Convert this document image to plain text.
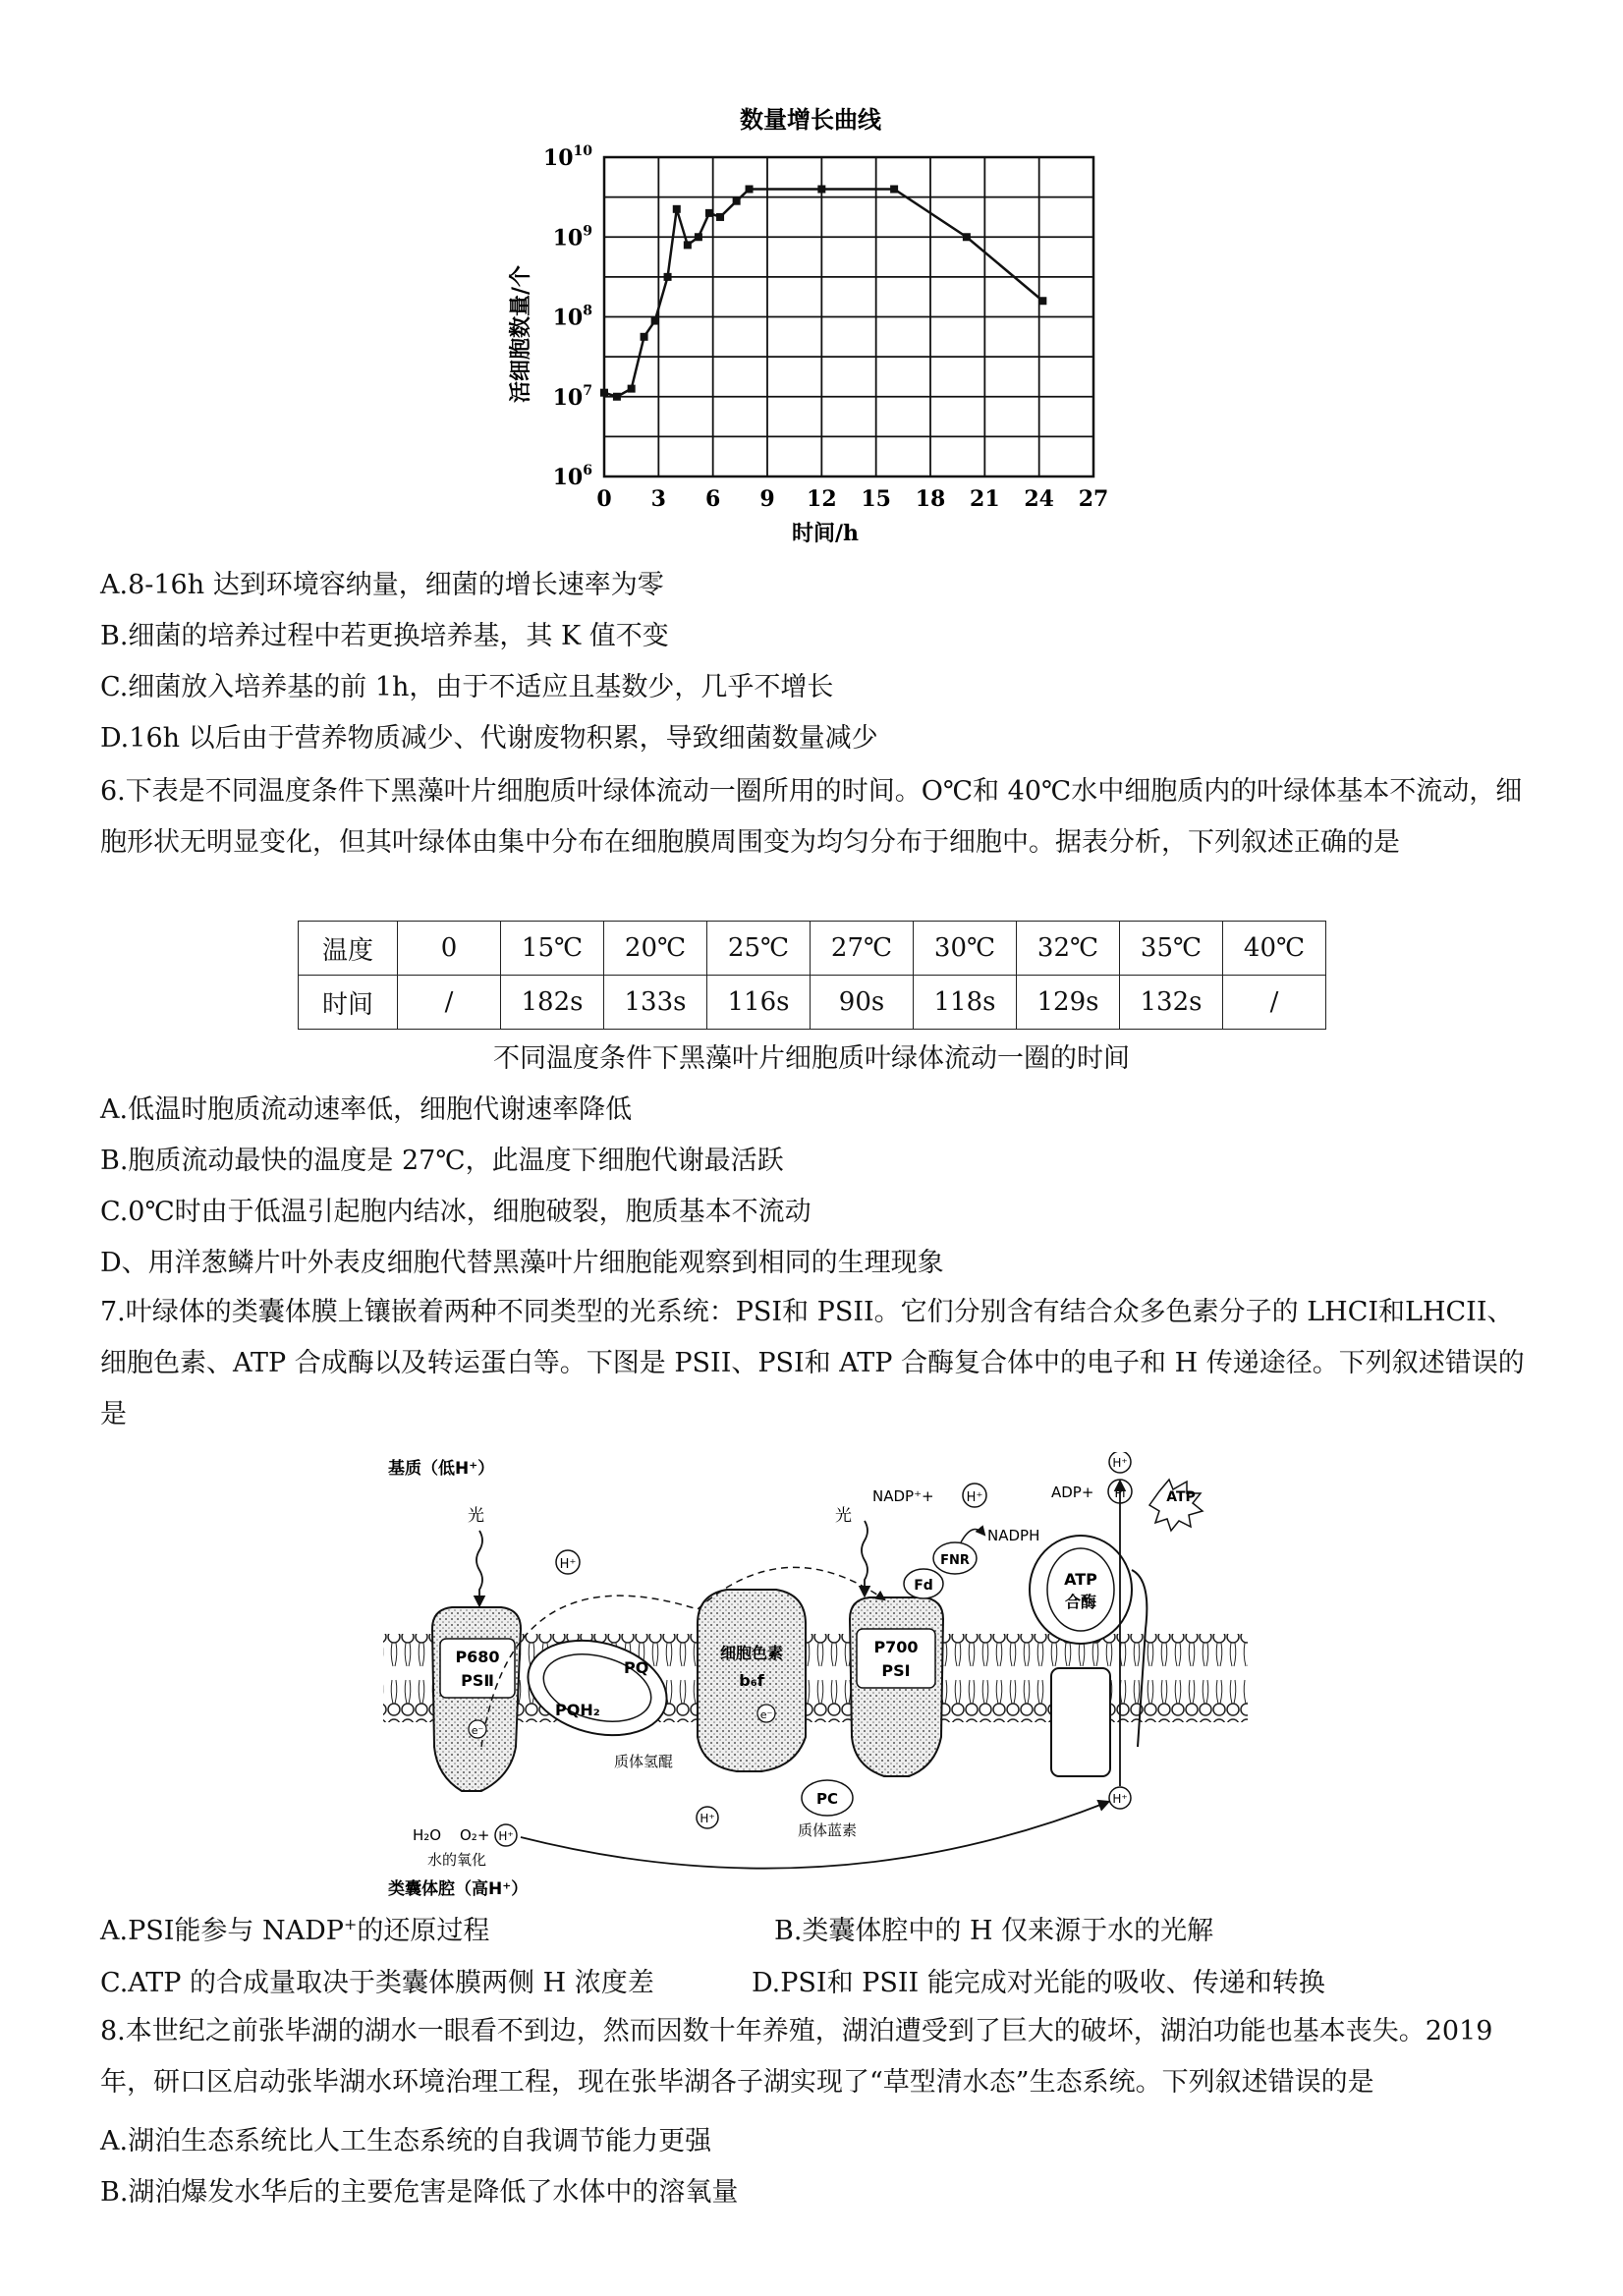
数量增长曲线
0 3 6 9 12 15 18 21 24 27
$10^6$
$10^7$
$10^8$
$10^9$
$10^{10}$
时间/h
活细胞数量/个
A.8-16h 达到环境容纳量，细菌的增长速率为零
B.细菌的培养过程中若更换培养基，其 K 值不变
C.细菌放入培养基的前 1h，由于不适应且基数少，几乎不增长
D.16h 以后由于营养物质减少、代谢废物积累，导致细菌数量减少
6.下表是不同温度条件下黑藻叶片细胞质叶绿体流动一圈所用的时间。O℃和 40℃水中细胞质内的叶绿体基本不流动，细胞形状无明显变化，但其叶绿体由集中分布在细胞膜周围变为均匀分布于细胞中。据表分析，下列叙述正确的是
温度	0	15℃	20℃	25℃	27℃	30℃	32℃	35℃	40℃
时间	/	182s	133s	116s	90s	118s	129s	132s	/
不同温度条件下黑藻叶片细胞质叶绿体流动一圈的时间
A.低温时胞质流动速率低，细胞代谢速率降低
B.胞质流动最快的温度是 27℃，此温度下细胞代谢最活跃
C.0℃时由于低温引起胞内结冰，细胞破裂，胞质基本不流动
D、用洋葱鳞片叶外表皮细胞代替黑藻叶片细胞能观察到相同的生理现象
7.叶绿体的类囊体膜上镶嵌着两种不同类型的光系统：PSⅠ和 PSII。它们分别含有结合众多色素分子的 LHCⅠ和LHCII、细胞色素、ATP 合成酶以及转运蛋白等。下图是 PSII、PSⅠ和 ATP 合酶复合体中的电子和 H 传递途径。下列叙述错误的是
基质（低H⁺）
类囊体腔（高H⁺）
P680
PSⅡ
光
PQ
PQH₂
质体氢醌
H⁺
细胞色素
b₆f
PC
质体蓝素
P700
PSⅠ
光
Fd
FNR
NADP⁺+	H⁺
NADPH
ATP
合酶
ADP+ Pi	ATP
H⁺
H₂O O₂+ H⁺
水的氧化
H⁺
H⁺
e⁻
e⁻
A.PSⅠ能参与 NADP+的还原过程	B.类囊体腔中的 H 仅来源于水的光解
C.ATP 的合成量取决于类囊体膜两侧 H 浓度差	D.PSⅠ和 PSII 能完成对光能的吸收、传递和转换
8.本世纪之前张毕湖的湖水一眼看不到边，然而因数十年养殖，湖泊遭受到了巨大的破坏，湖泊功能也基本丧失。2019 年，研口区启动张毕湖水环境治理工程，现在张毕湖各子湖实现了“草型清水态”生态系统。下列叙述错误的是
A.湖泊生态系统比人工生态系统的自我调节能力更强
B.湖泊爆发水华后的主要危害是降低了水体中的溶氧量
